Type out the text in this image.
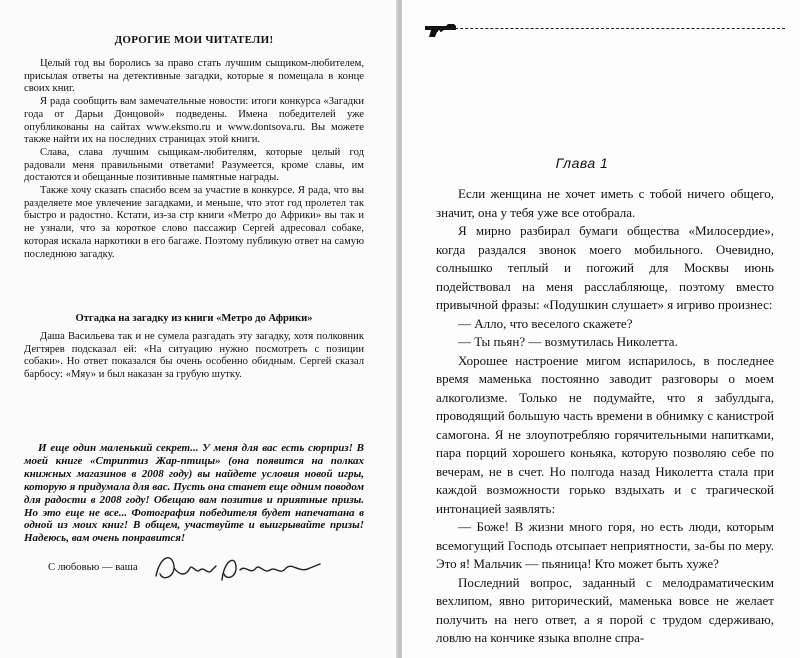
ДОРОГИЕ МОИ ЧИТАТЕЛИ!

Целый год вы боролись за право стать лучшим сыщиком-любителем, присылая ответы на детективные загадки, которые я помещала в конце своих книг.

Я рада сообщить вам замечательные новости: итоги конкурса «Загадки года от Дарьи Донцовой» подведены. Имена победителей уже опубликованы на сайтах www.eksmo.ru и www.dontsova.ru. Вы можете также найти их на последних страницах этой книги.

Слава, слава лучшим сыщикам-любителям, которые целый год радовали меня правильными ответами! Разумеется, кроме славы, им достаются и обещанные позитивные памятные награды.

Также хочу сказать спасибо всем за участие в конкурсе. Я рада, что вы разделяете мое увлечение загадками, и меньше, что этот год пролетел так быстро и радостно. Кстати, из-за стр книги «Метро до Африки» вы так и не узнали, что за короткое слово пассажир Сергей адресовал собаке, которая искала наркотики в его багаже. Поэтому публикую ответ на самую последнюю загадку.

Отгадка на загадку из книги «Метро до Африки»

Даша Васильева так и не сумела разгадать эту загадку, хотя полковник Дегтярев подсказал ей: «На ситуацию нужно посмотреть с позиции собаки». Но ответ показался бы очень особенно обидным. Сергей сказал барбосу: «Мяу» и был наказан за грубую шутку.

И еще один маленький секрет... У меня для вас есть сюрприз! В моей книге «Стриптиз Жар-птицы» (она появится на полках книжных магазинов в 2008 году) вы найдете условия новой игры, которую я придумала для вас. Пусть она станет еще одним поводом для радости в 2008 году! Обещаю вам позитив и приятные призы. Но это еще не все... Фотография победителя будет напечатана в одной из моих книг! В общем, участвуйте и выигрывайте призы! Надеюсь, вам очень понравится!

С любовью — ваша
Глава 1

Если женщина не хочет иметь с тобой ничего общего, значит, она у тебя уже все отобрала.

Я мирно разбирал бумаги общества «Милосердие», когда раздался звонок моего мобильного. Очевидно, солнышко теплый и погожий для Москвы июнь подействовал на меня расслабляюще, поэтому вместо привычной фразы: «Подушкин слушает» я игриво произнес:

— Алло, что веселого скажете?

— Ты пьян? — возмутилась Николетта.

Хорошее настроение мигом испарилось, в последнее время маменька постоянно заводит разговоры о моем алкоголизме. Только не подумайте, что я забулдыга, проводящий большую часть времени в обнимку с канистрой самогона. Я не злоупотребляю горячительными напитками, пара порций хорошего коньяка, которую позволяю себе по вечерам, не в счет. Но полгода назад Николетта стала при каждой возможности горько вздыхать и с трагической интонацией заявлять:

— Боже! В жизни много горя, но есть люди, которым всемогущий Господь отсыпает неприятности, за-бы по меру. Это я! Мальчик — пьяница! Кто может быть хуже?

Последний вопрос, заданный с мелодраматическим вехлипом, явно риторический, маменька вовсе не желает получить на него ответ, а я порой с трудом сдерживаю, ловлю на кончике языка вполне спра-
